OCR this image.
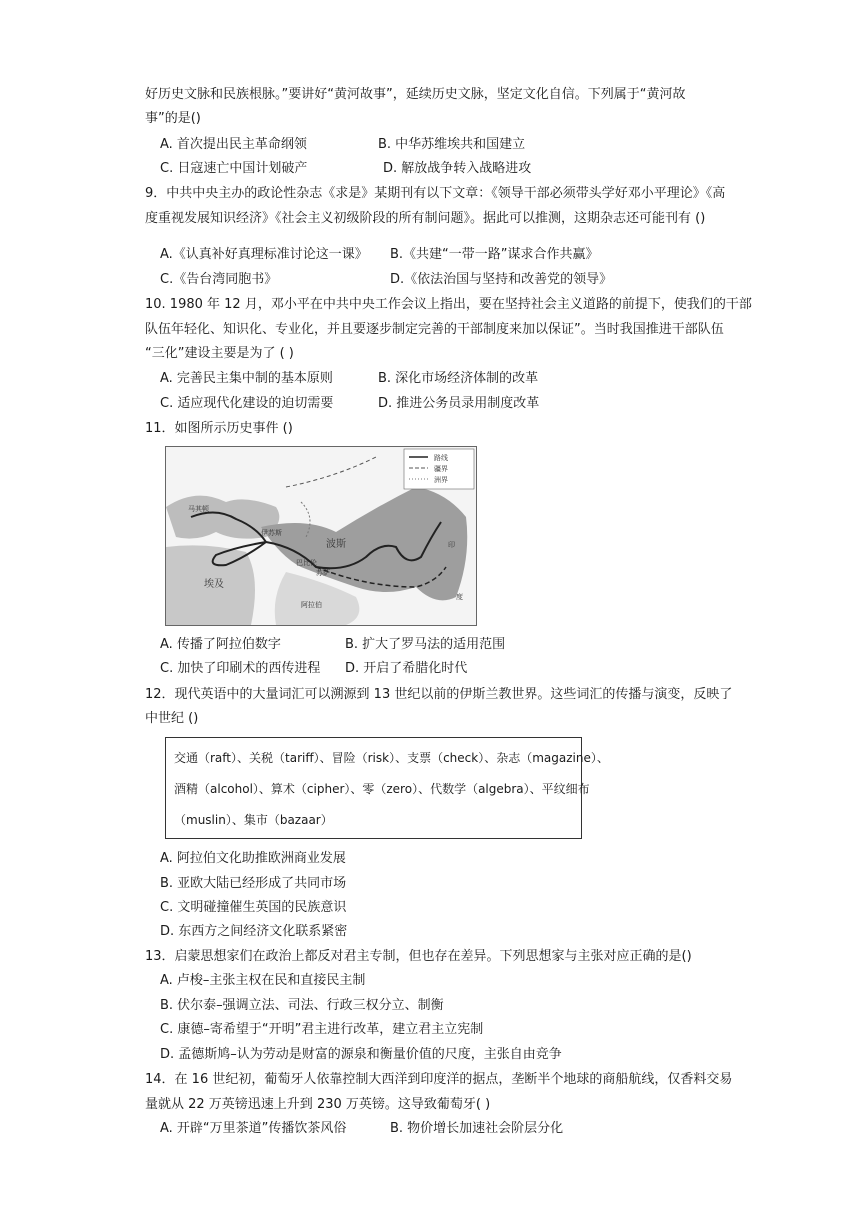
好历史文脉和民族根脉。”要讲好“黄河故事”，延续历史文脉，坚定文化自信。下列属于“黄河故
事”的是()
A. 首次提出民主革命纲领	B. 中华苏维埃共和国建立
C. 日寇速亡中国计划破产	D. 解放战争转入战略进攻
9．中共中央主办的政论性杂志《求是》某期刊有以下文章：《领导干部必须带头学好邓小平理论》《高
度重视发展知识经济》《社会主义初级阶段的所有制问题》。据此可以推测，这期杂志还可能刊有 ()
A.《认真补好真理标准讨论这一课》 B.《共建“一带一路”谋求合作共赢》
C.《告台湾同胞书》	D.《依法治国与坚持和改善党的领导》
10. 1980 年 12 月，邓小平在中共中央工作会议上指出，要在坚持社会主义道路的前提下，使我们的干部
队伍年轻化、知识化、专业化，并且要逐步制定完善的干部制度来加以保证”。当时我国推进干部队伍
“三化”建设主要是为了 ( )
A. 完善民主集中制的基本原则	B. 深化市场经济体制的改革
C. 适应现代化建设的迫切需要	D. 推进公务员录用制度改革
11．如图所示历史事件 ()
路线
疆界
洲界
马其顿
伊苏斯
巴比伦
苏萨
波斯
埃及
阿拉伯
印
度
A. 传播了阿拉伯数字	B. 扩大了罗马法的适用范围
C. 加快了印刷术的西传进程 D. 开启了希腊化时代
12．现代英语中的大量词汇可以溯源到 13 世纪以前的伊斯兰教世界。这些词汇的传播与演变，反映了
中世纪 ()
交通（raft）、关税（tariff）、冒险（risk）、支票（check）、杂志（magazine）、
酒精（alcohol）、算术（cipher）、零（zero）、代数学（algebra）、平纹细布
（muslin）、集市（bazaar）
A. 阿拉伯文化助推欧洲商业发展
B. 亚欧大陆已经形成了共同市场
C. 文明碰撞催生英国的民族意识
D. 东西方之间经济文化联系紧密
13．启蒙思想家们在政治上都反对君主专制，但也存在差异。下列思想家与主张对应正确的是()
A. 卢梭–主张主权在民和直接民主制
B. 伏尔泰–强调立法、司法、行政三权分立、制衡
C. 康德–寄希望于“开明”君主进行改革，建立君主立宪制
D. 孟德斯鸠–认为劳动是财富的源泉和衡量价值的尺度，主张自由竞争
14．在 16 世纪初，葡萄牙人依靠控制大西洋到印度洋的据点，垄断半个地球的商船航线，仅香料交易
量就从 22 万英镑迅速上升到 230 万英镑。这导致葡萄牙( )
A. 开辟“万里茶道”传播饮茶风俗	B. 物价增长加速社会阶层分化
